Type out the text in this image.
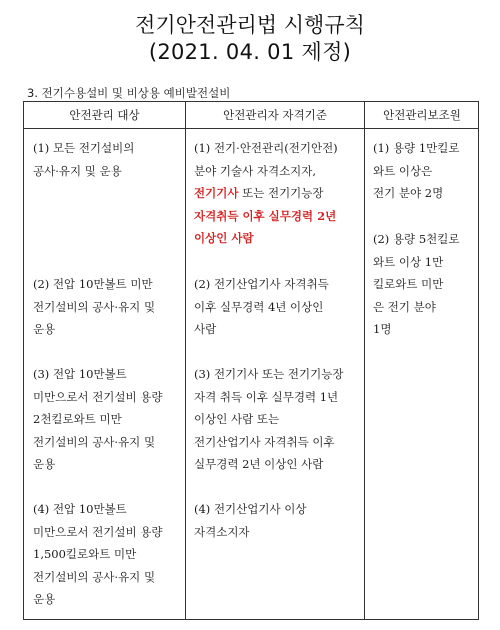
전기안전관리법 시행규칙
(2021. 04. 01 제정)
3. 전기수용설비 및 비상용 예비발전설비
안전관리 대상	안전관리자 자격기준	안전관리보조원
(1) 모든 전기설비의
공사·유지 및 운용
(2) 전압 10만볼트 미만
전기설비의 공사·유지 및
운용
(3) 전압 10만볼트
미만으로서 전기설비 용량
2천킬로와트 미만
전기설비의 공사·유지 및
운용
(4) 전압 10만볼트
미만으로서 전기설비 용량
1,500킬로와트 미만
전기설비의 공사·유지 및
운용
(1) 전기·안전관리(전기안전)
분야 기술사 자격소지자,
전기기사 또는 전기기능장
자격취득 이후 실무경력 2년
이상인 사람
(2) 전기산업기사 자격취득
이후 실무경력 4년 이상인
사람
(3) 전기기사 또는 전기기능장
자격 취득 이후 실무경력 1년
이상인 사람 또는
전기산업기사 자격취득 이후
실무경력 2년 이상인 사람
(4) 전기산업기사 이상
자격소지자
(1) 용량 1만킬로
와트 이상은
전기 분야 2명
(2) 용량 5천킬로
와트 이상 1만
킬로와트 미만
은 전기 분야
1명
